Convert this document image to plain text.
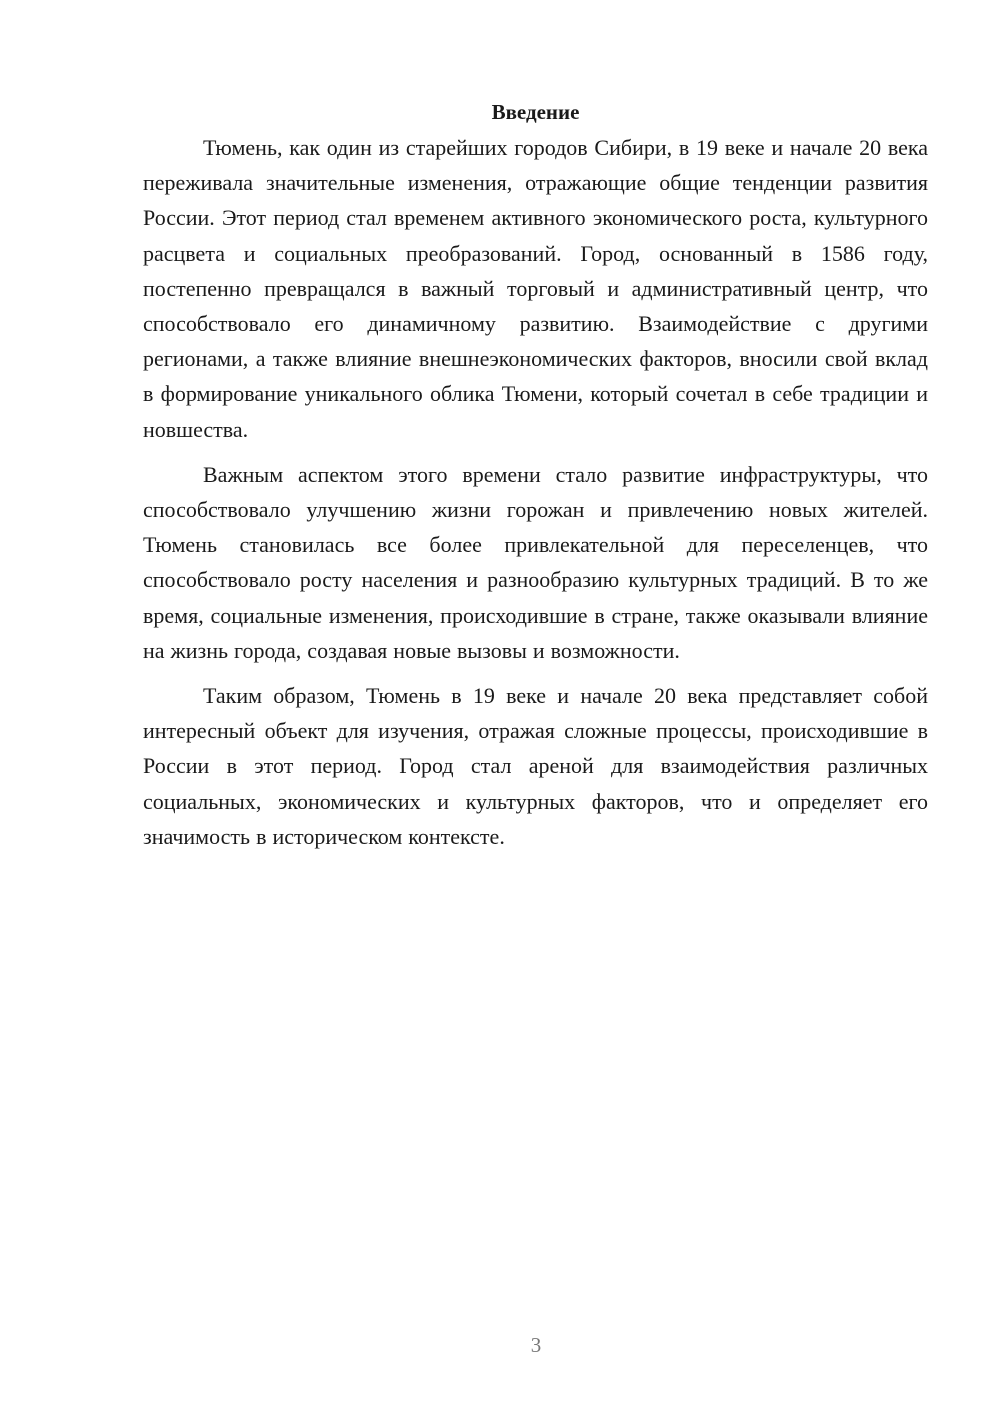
Введение

Тюмень, как один из старейших городов Сибири, в 19 веке и начале 20 века переживала значительные изменения, отражающие общие тенденции развития России. Этот период стал временем активного экономического роста, культурного расцвета и социальных преобразований. Город, основанный в 1586 году, постепенно превращался в важный торговый и административный центр, что способствовало его динамичному развитию. Взаимодействие с другими регионами, а также влияние внешнеэкономических факторов, вносили свой вклад в формирование уникального облика Тюмени, который сочетал в себе традиции и новшества.

Важным аспектом этого времени стало развитие инфраструктуры, что способствовало улучшению жизни горожан и привлечению новых жителей. Тюмень становилась все более привлекательной для переселенцев, что способствовало росту населения и разнообразию культурных традиций. В то же время, социальные изменения, происходившие в стране, также оказывали влияние на жизнь города, создавая новые вызовы и возможности.

Таким образом, Тюмень в 19 веке и начале 20 века представляет собой интересный объект для изучения, отражая сложные процессы, происходившие в России в этот период. Город стал ареной для взаимодействия различных социальных, экономических и культурных факторов, что и определяет его значимость в историческом контексте.

3
